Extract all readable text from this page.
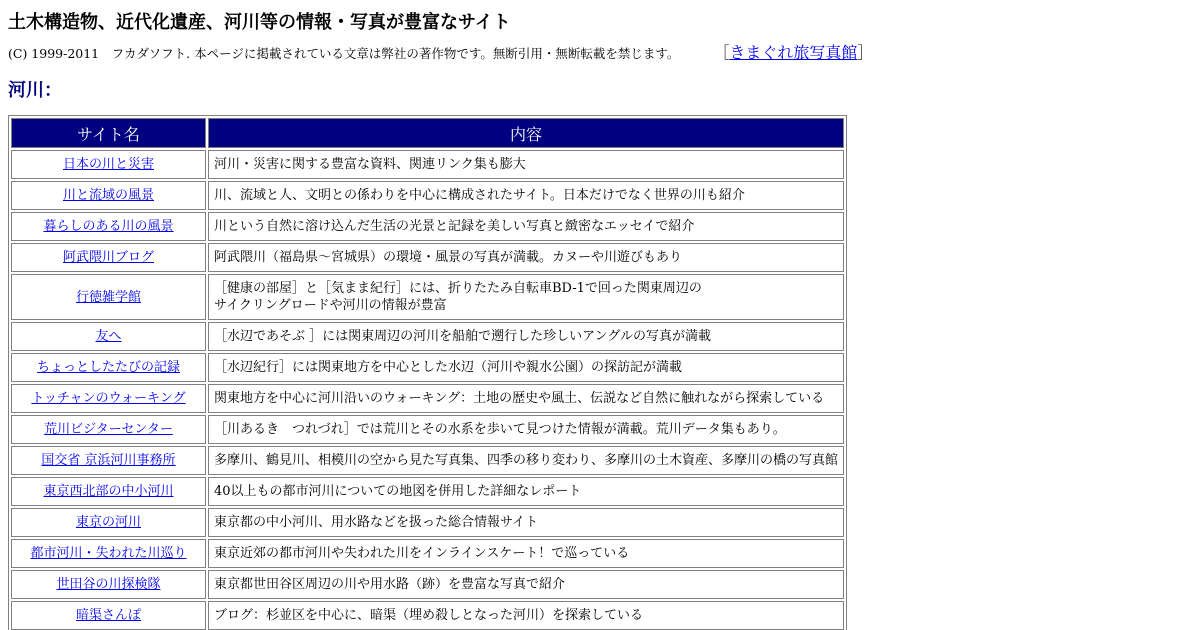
土木構造物、近代化遺産、河川等の情報・写真が豊富なサイト
(C) 1999-2011　フカダソフト. 本ページに掲載されている文章は弊社の著作物です。無断引用・無断転載を禁じます。 ［きまぐれ旅写真館］
河川：
サイト名	内容
日本の川と災害	河川・災害に関する豊富な資料、関連リンク集も膨大
川と流域の風景	川、流域と人、文明との係わりを中心に構成されたサイト。日本だけでなく世界の川も紹介
暮らしのある川の風景	川という自然に溶け込んだ生活の光景と記録を美しい写真と緻密なエッセイで紹介
阿武隈川ブログ	阿武隈川（福島県～宮城県）の環境・風景の写真が満載。カヌーや川遊びもあり
行徳雑学館	［健康の部屋］と［気まま紀行］には、折りたたみ自転車BD-1で回った関東周辺の
サイクリングロードや河川の情報が豊富

友へ	［水辺であそぶ ］には関東周辺の河川を船舶で遡行した珍しいアングルの写真が満載
ちょっとしたたびの記録	［水辺紀行］には関東地方を中心とした水辺（河川や親水公園）の探訪記が満載
トッチャンのウォーキング	関東地方を中心に河川沿いのウォーキング：土地の歴史や風土、伝説など自然に触れながら探索している
荒川ビジターセンター	［川あるき　つれづれ］では荒川とその水系を歩いて見つけた情報が満載。荒川データ集もあり。
国交省 京浜河川事務所	多摩川、鶴見川、相模川の空から見た写真集、四季の移り変わり、多摩川の土木資産、多摩川の橋の写真館
東京西北部の中小河川	40以上もの都市河川についての地図を併用した詳細なレポート
東京の河川	東京都の中小河川、用水路などを扱った総合情報サイト
都市河川・失われた川巡り	東京近郊の都市河川や失われた川をインラインスケート！で巡っている
世田谷の川探検隊	東京都世田谷区周辺の川や用水路（跡）を豊富な写真で紹介
暗渠さんぽ	ブログ：杉並区を中心に、暗渠（埋め殺しとなった河川）を探索している
